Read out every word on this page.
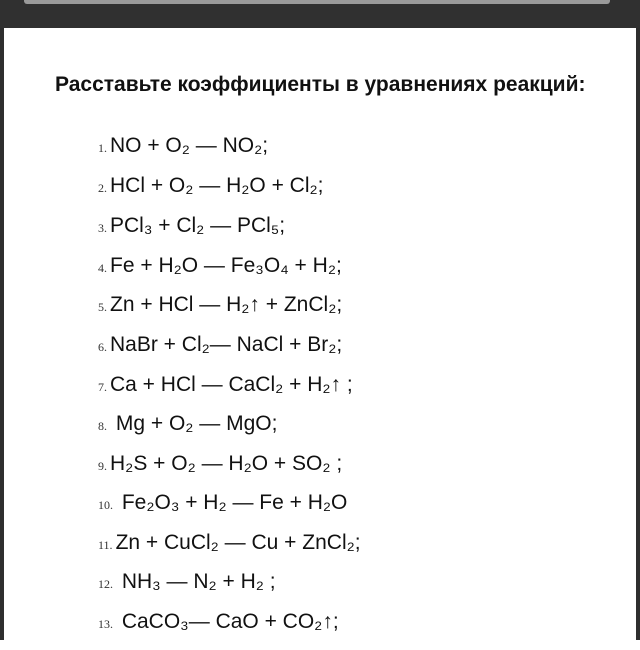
Расставьте коэффициенты в уравнениях реакций:
1. NO + O₂ — NO₂;
2. HCl + O₂ — H₂O + Cl₂;
3. PCl₃ + Cl₂ — PCl₅;
4. Fe + H₂O — Fe₃O₄ + H₂;
5. Zn + HCl — H₂↑ + ZnCl₂;
6. NaBr + Cl₂— NaCl + Br₂;
7. Ca + HCl — CaCl₂ + H₂↑ ;
8. Mg + O₂ — MgO;
9. H₂S + O₂ — H₂O + SO₂ ;
10. Fe₂O₃ + H₂ — Fe + H₂O
11. Zn + CuCl₂ — Cu + ZnCl₂;
12. NH₃ — N₂ + H₂ ;
13. CaCO₃— CaO + CO₂↑;
